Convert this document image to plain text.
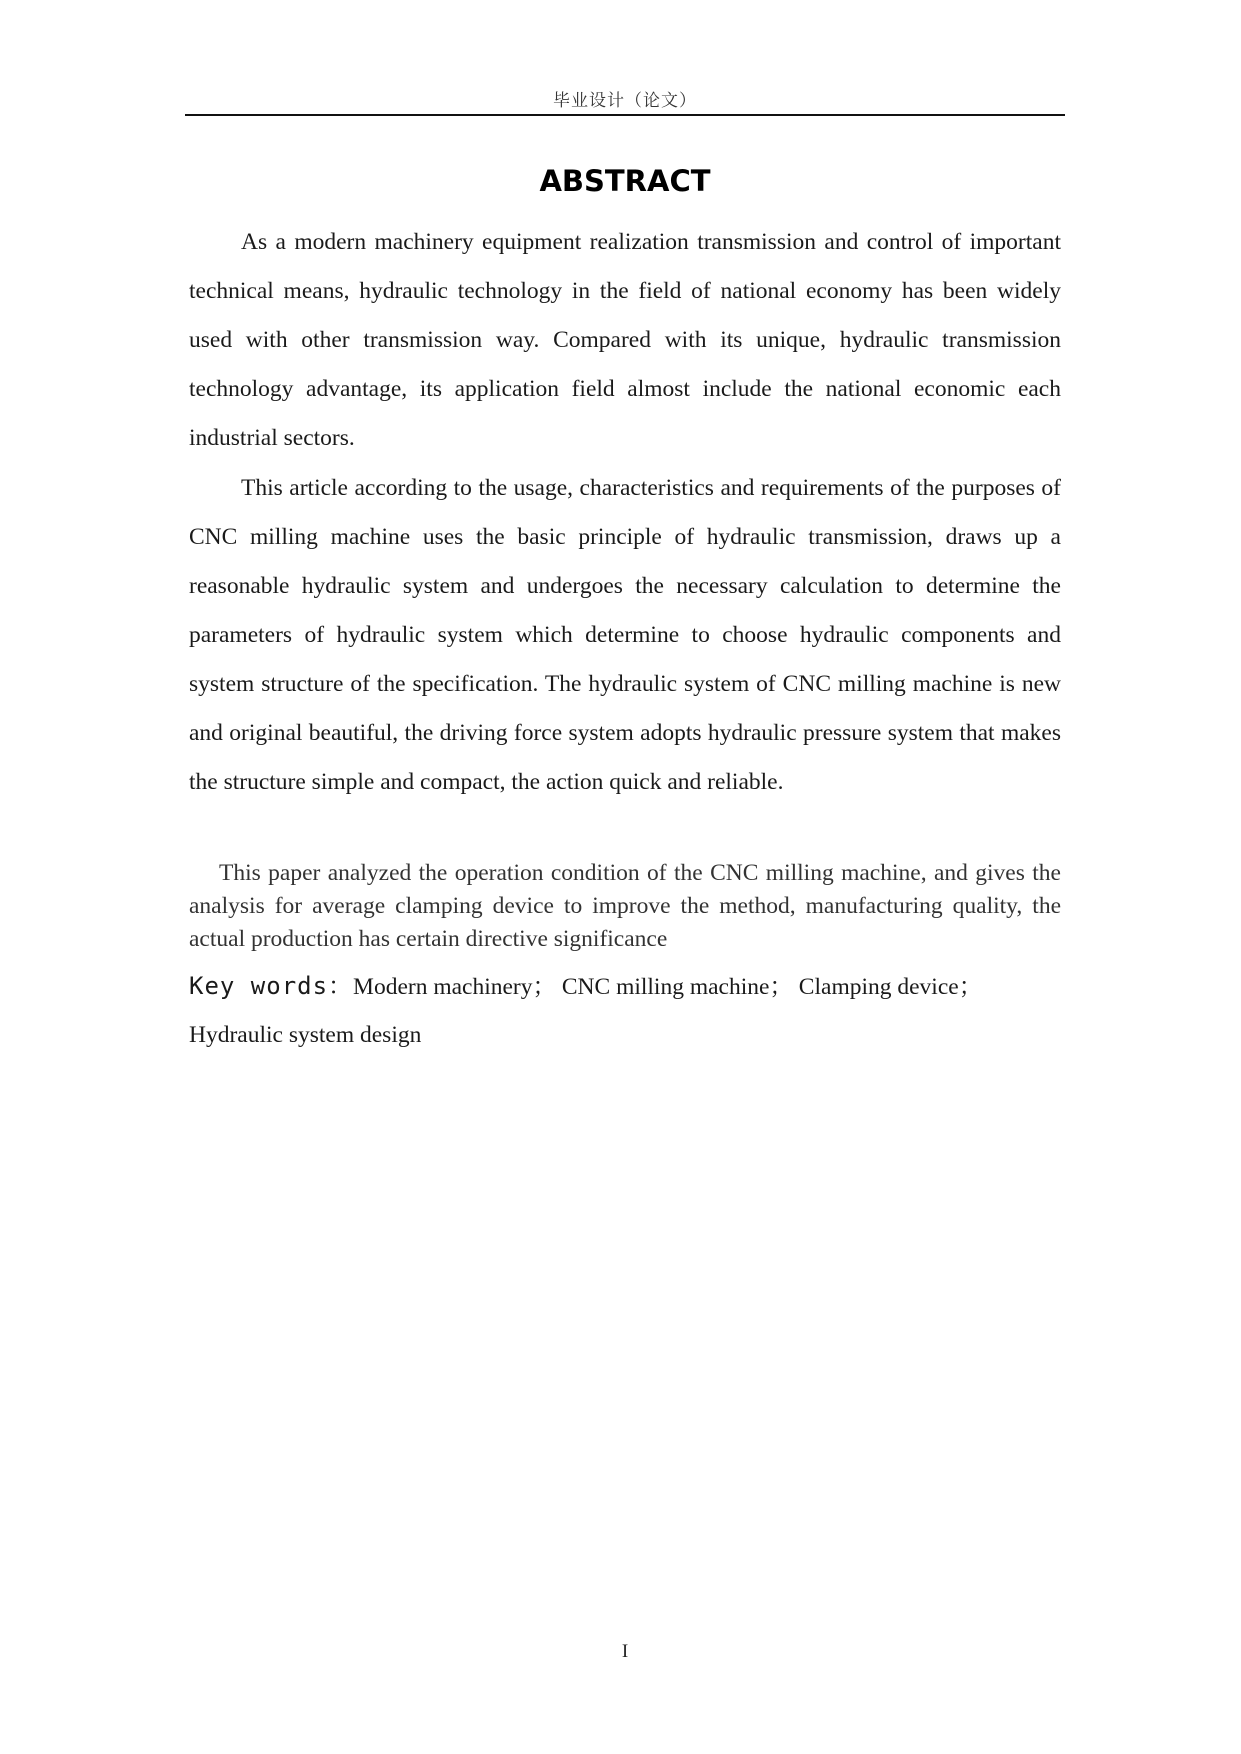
毕业设计（论文）
ABSTRACT

As a modern machinery equipment realization transmission and control of important technical means, hydraulic technology in the field of national economy has been widely used with other transmission way. Compared with its unique, hydraulic transmission technology advantage, its application field almost include the national economic each industrial sectors.

This article according to the usage, characteristics and requirements of the purposes of CNC milling machine uses the basic principle of hydraulic transmission, draws up a reasonable hydraulic system and undergoes the necessary calculation to determine the parameters of hydraulic system which determine to choose hydraulic components and system structure of the specification. The hydraulic system of CNC milling machine is new and original beautiful, the driving force system adopts hydraulic pressure system that makes the structure simple and compact, the action quick and reliable.

This paper analyzed the operation condition of the CNC milling machine, and gives the analysis for average clamping device to improve the method, manufacturing quality, the actual production has certain directive significance

Key words：Modern machinery； CNC milling machine； Clamping device；Hydraulic system design

I
